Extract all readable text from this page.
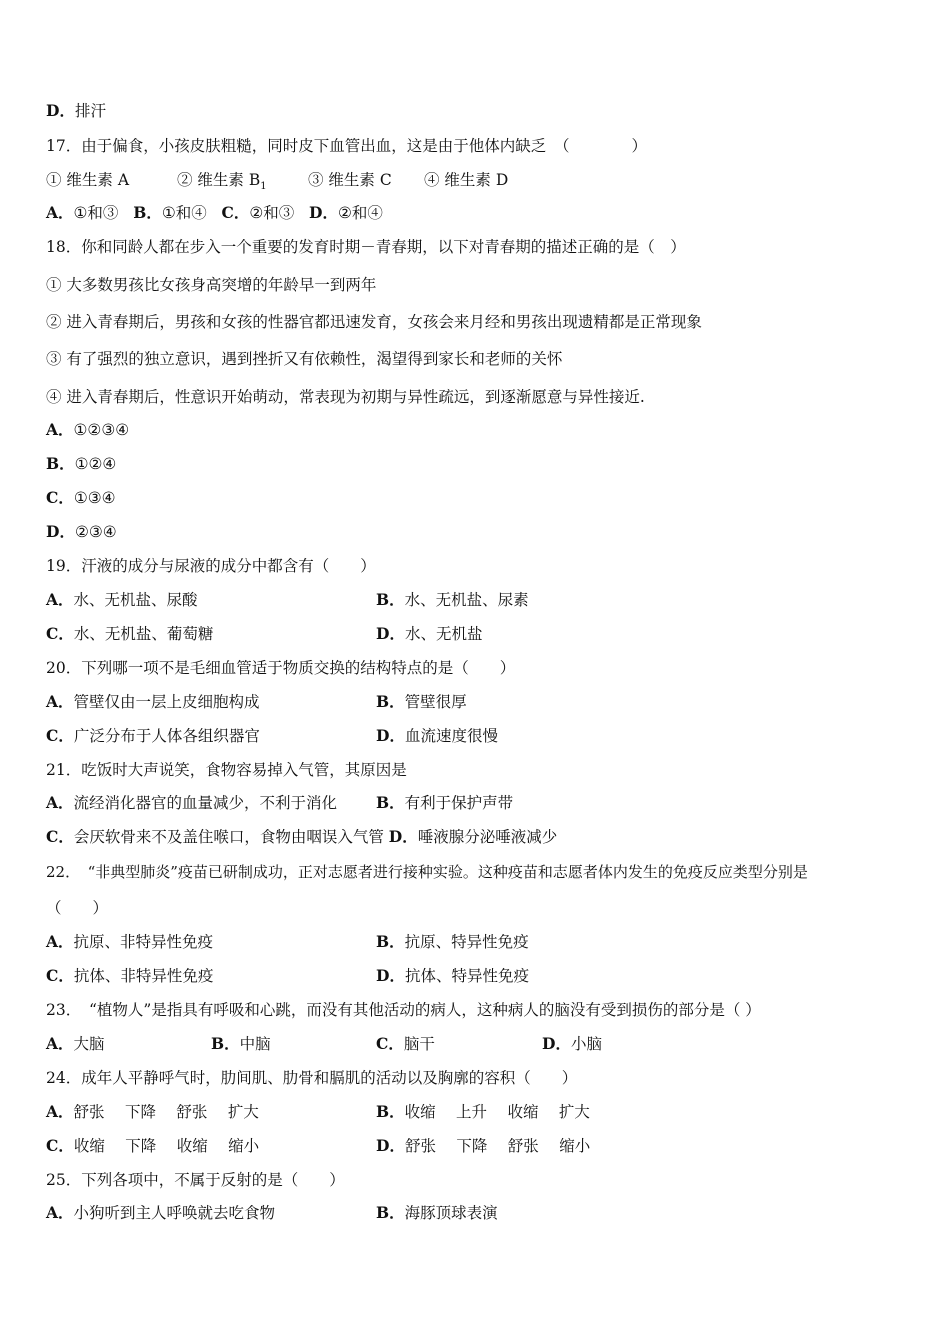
D．排汗
17．由于偏食，小孩皮肤粗糙，同时皮下血管出血，这是由于他体内缺乏　（　　　　）
① 维生素 A	② 维生素 $B_1$	③ 维生素 C ④ 维生素 D
A．①和③ B．①和④ C．②和③ D．②和④
18．你和同龄人都在步入一个重要的发育时期－青春期，以下对青春期的描述正确的是（　）
① 大多数男孩比女孩身高突增的年龄早一到两年
② 进入青春期后，男孩和女孩的性器官都迅速发育，女孩会来月经和男孩出现遗精都是正常现象
③ 有了强烈的独立意识，遇到挫折又有依赖性，渴望得到家长和老师的关怀
④ 进入青春期后，性意识开始萌动，常表现为初期与异性疏远，到逐渐愿意与异性接近.
A．①②③④
B．①②④
C．①③④
D．②③④
19．汗液的成分与尿液的成分中都含有（　　）
A．水、无机盐、尿酸	B．水、无机盐、尿素
C．水、无机盐、葡萄糖	D．水、无机盐
20．下列哪一项不是毛细血管适于物质交换的结构特点的是（　　）
A．管壁仅由一层上皮细胞构成	B．管壁很厚
C．广泛分布于人体各组织器官	D．血流速度很慢
21．吃饭时大声说笑，食物容易掉入气管，其原因是
A．流经消化器官的血量减少，不利于消化	B．有利于保护声带
C．会厌软骨来不及盖住喉口，食物由咽误入气管 D．唾液腺分泌唾液减少
22．　“非典型肺炎”疫苗已研制成功，正对志愿者进行接种实验。这种疫苗和志愿者体内发生的免疫反应类型分别是
（　　）
A．抗原、非特异性免疫	B．抗原、特异性免疫
C．抗体、非特异性免疫	D．抗体、特异性免疫
23．　“植物人”是指具有呼吸和心跳，而没有其他活动的病人，这种病人的脑没有受到损伤的部分是（ ）
A．大脑	B．中脑	C．脑干	D．小脑
24．成年人平静呼气时，肋间肌、肋骨和膈肌的活动以及胸廓的容积（　　）
A．舒张　 下降　 舒张　 扩大	B．收缩　 上升　 收缩　 扩大
C．收缩　 下降　 收缩　 缩小	D．舒张　 下降　 舒张　 缩小
25．下列各项中，不属于反射的是（　　）
A．小狗听到主人呼唤就去吃食物	B．海豚顶球表演
